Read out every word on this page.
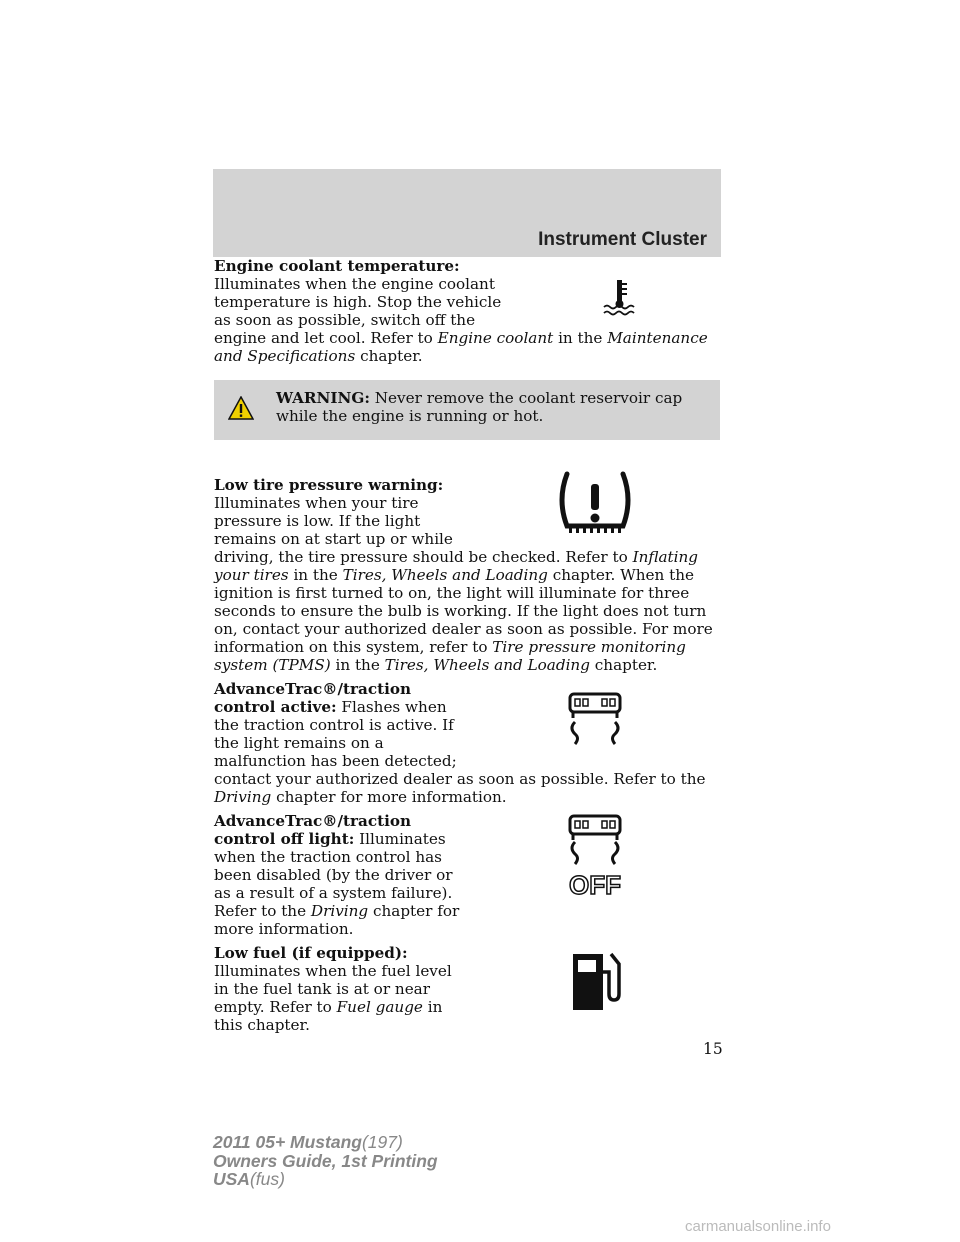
Instrument Cluster

Engine coolant temperature:
Illuminates when the engine coolant temperature is high. Stop the vehicle as soon as possible, switch off the engine and let cool. Refer to Engine coolant in the Maintenance and Specifications chapter.

WARNING: Never remove the coolant reservoir cap while the engine is running or hot.

Low tire pressure warning:
Illuminates when your tire pressure is low. If the light remains on at start up or while driving, the tire pressure should be checked. Refer to Inflating your tires in the Tires, Wheels and Loading chapter. When the ignition is first turned to on, the light will illuminate for three seconds to ensure the bulb is working. If the light does not turn on, contact your authorized dealer as soon as possible. For more information on this system, refer to Tire pressure monitoring system (TPMS) in the Tires, Wheels and Loading chapter.

AdvanceTrac®/traction control active: Flashes when the traction control is active. If the light remains on a malfunction has been detected; contact your authorized dealer as soon as possible. Refer to the Driving chapter for more information.

OFF

AdvanceTrac®/traction control off light: Illuminates when the traction control has been disabled (by the driver or as a result of a system failure). Refer to the Driving chapter for more information.

Low fuel (if equipped):
Illuminates when the fuel level in the fuel tank is at or near empty. Refer to Fuel gauge in this chapter.

15
2011 05+ Mustang(197)
Owners Guide, 1st Printing
USA(fus)
carmanualsonline.info
